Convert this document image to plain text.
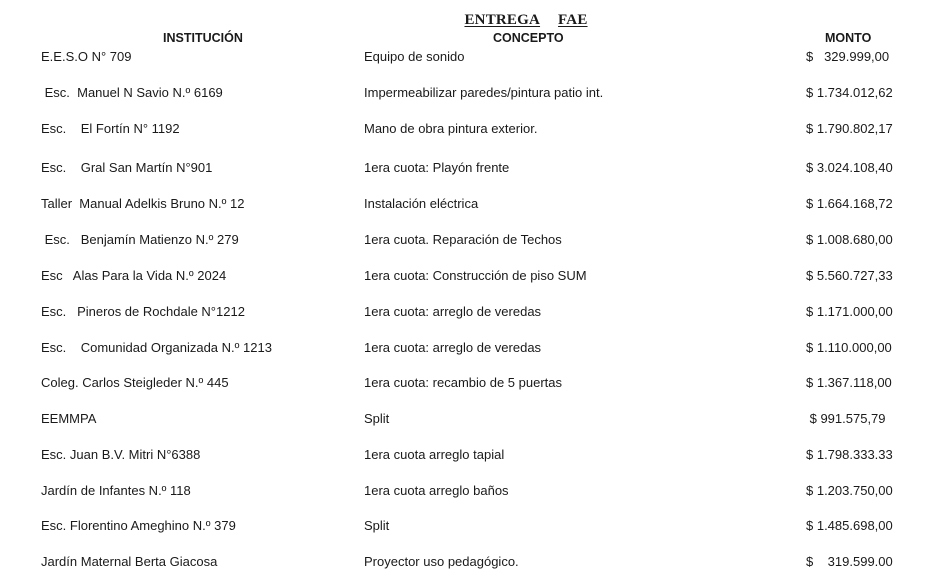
ENTREGA FAE
INSTITUCIÓN	CONCEPTO	MONTO
E.E.S.O N° 709	Equipo de sonido	$   329.999,00
Esc.  Manuel N Savio N.º 6169	Impermeabilizar paredes/pintura patio int.	$ 1.734.012,62
Esc.    El Fortín N° 1192	Mano de obra pintura exterior.	$ 1.790.802,17
Esc.    Gral San Martín N°901	1era cuota: Playón frente	$ 3.024.108,40
Taller  Manual Adelkis Bruno N.º 12	Instalación eléctrica	$ 1.664.168,72
Esc.   Benjamín Matienzo N.º 279	1era cuota. Reparación de Techos	$ 1.008.680,00
Esc   Alas Para la Vida N.º 2024	1era cuota: Construcción de piso SUM	$ 5.560.727,33
Esc.   Pineros de Rochdale N°1212	1era cuota: arreglo de veredas	$ 1.171.000,00
Esc.    Comunidad Organizada N.º 1213	1era cuota: arreglo de veredas	$ 1.110.000,00
Coleg. Carlos Steigleder N.º 445	1era cuota: recambio de 5 puertas	$ 1.367.118,00
EEMMPA	Split	$ 991.575,79
Esc. Juan B.V. Mitri N°6388	1era cuota arreglo tapial	$ 1.798.333.33
Jardín de Infantes N.º 118	1era cuota arreglo baños	$ 1.203.750,00
Esc. Florentino Ameghino N.º 379	Split	$ 1.485.698,00
Jardín Maternal Berta Giacosa	Proyector uso pedagógico.	$    319.599.00
